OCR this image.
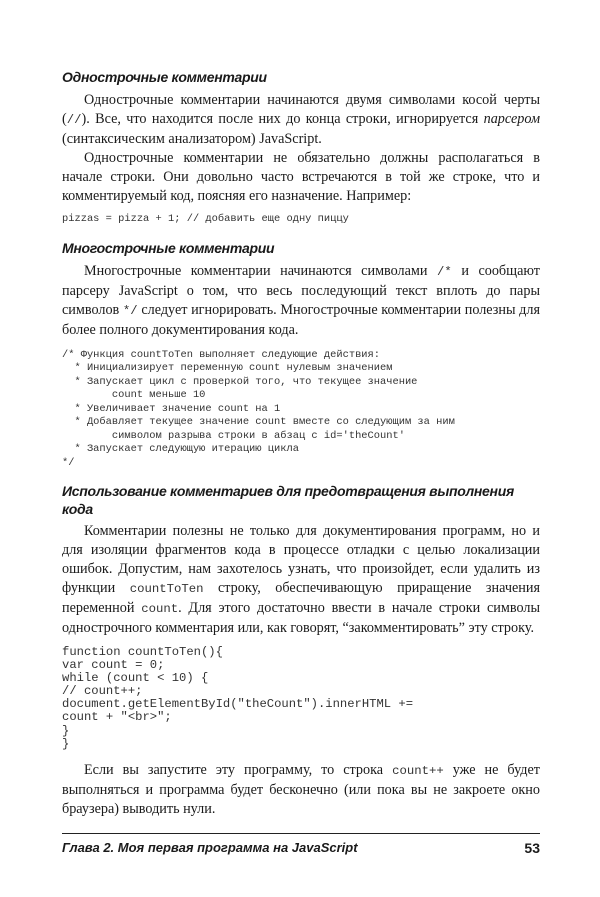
Однострочные комментарии

Однострочные комментарии начинаются двумя символами косой черты (//). Все, что находится после них до конца строки, игнорируется парсером (синтаксическим анализатором) JavaScript.

Однострочные комментарии не обязательно должны располагаться в начале строки. Они довольно часто встречаются в той же строке, что и комментируемый код, поясняя его назначение. Например:

pizzas = pizza + 1; // добавить еще одну пиццу
Многострочные комментарии

Многострочные комментарии начинаются символами /* и сообщают парсеру JavaScript о том, что весь последующий текст вплоть до пары символов */ следует игнорировать. Многострочные комментарии полезны для более полного документирования кода.

/* Функция countToTen выполняет следующие действия:
* Инициализирует переменную count нулевым значением
* Запускает цикл с проверкой того, что текущее значение
count меньше 10
* Увеличивает значение count на 1
* Добавляет текущее значение count вместе со следующим за ним
символом разрыва строки в абзац с id='theCount'
* Запускает следующую итерацию цикла
*/
Использование комментариев для предотвращения выполнения кода

Комментарии полезны не только для документирования программ, но и для изоляции фрагментов кода в процессе отладки с целью локализации ошибок. Допустим, нам захотелось узнать, что произойдет, если удалить из функции countToTen строку, обеспечивающую приращение значения переменной count. Для этого достаточно ввести в начале строки символы однострочного комментария или, как говорят, “закомментировать” эту строку.

function countToTen(){
var count = 0;
while (count < 10) {
// count++;
document.getElementById("theCount").innerHTML +=
count + "<br>";
}
}

Если вы запустите эту программу, то строка count++ уже не будет выполняться и программа будет бесконечно (или пока вы не закроете окно браузера) выводить нули.

Глава 2. Моя первая программа на JavaScript	53
